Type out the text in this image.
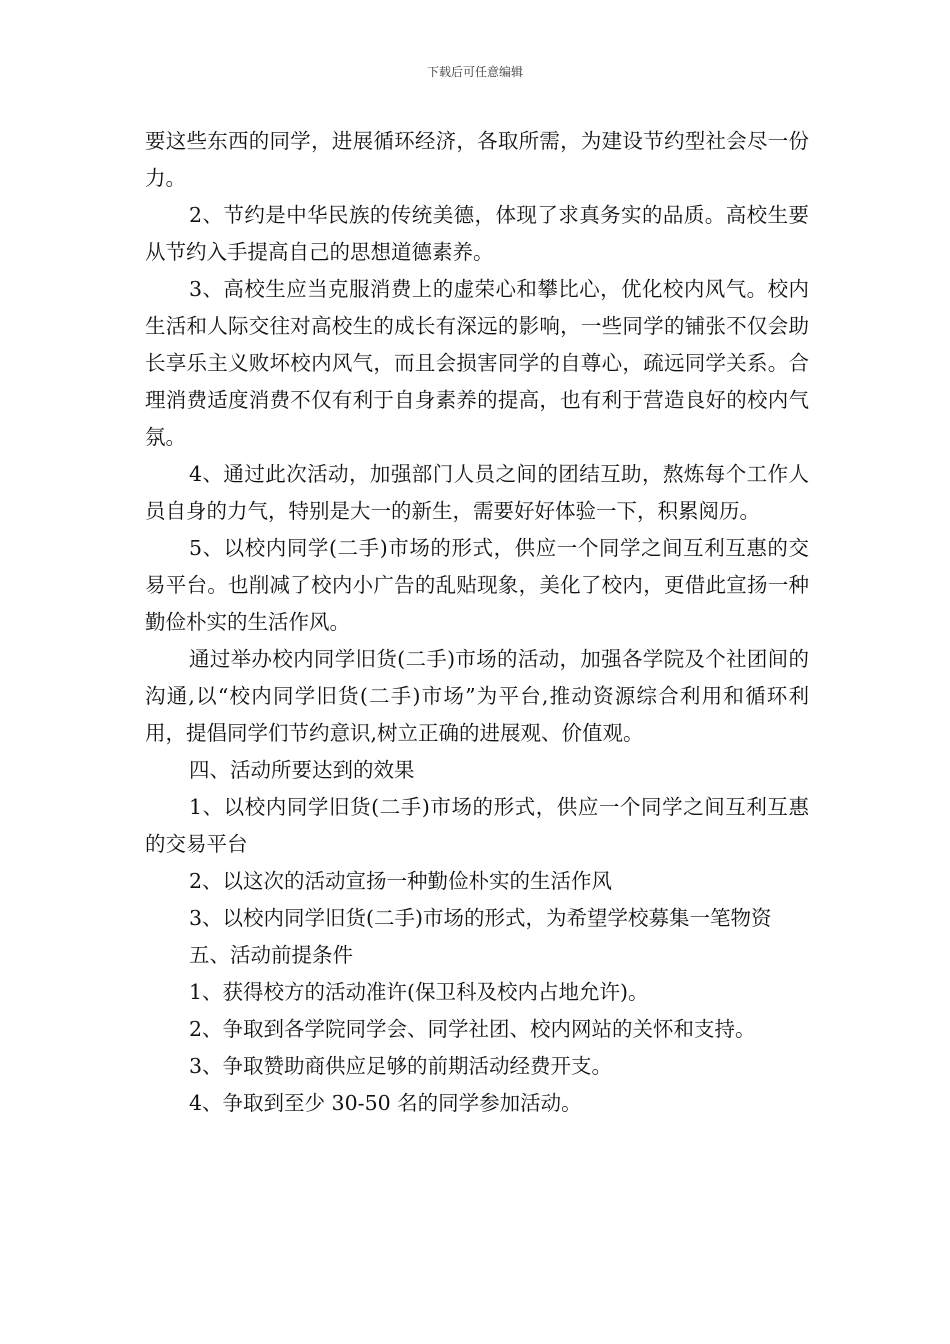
下载后可任意编辑

要这些东西的同学，进展循环经济，各取所需，为建设节约型社会尽一份力。

2、节约是中华民族的传统美德，体现了求真务实的品质。高校生要从节约入手提高自己的思想道德素养。

3、高校生应当克服消费上的虚荣心和攀比心，优化校内风气。校内生活和人际交往对高校生的成长有深远的影响，一些同学的铺张不仅会助长享乐主义败坏校内风气，而且会损害同学的自尊心，疏远同学关系。合理消费适度消费不仅有利于自身素养的提高，也有利于营造良好的校内气氛。

4、通过此次活动，加强部门人员之间的团结互助，熬炼每个工作人员自身的力气，特别是大一的新生，需要好好体验一下，积累阅历。

5、以校内同学(二手)市场的形式，供应一个同学之间互利互惠的交易平台。也削减了校内小广告的乱贴现象，美化了校内，更借此宣扬一种勤俭朴实的生活作风。

通过举办校内同学旧货(二手)市场的活动，加强各学院及个社团间的沟通,以“校内同学旧货(二手)市场”为平台,推动资源综合利用和循环利用，提倡同学们节约意识,树立正确的进展观、价值观。

四、活动所要达到的效果

1、以校内同学旧货(二手)市场的形式，供应一个同学之间互利互惠的交易平台

2、以这次的活动宣扬一种勤俭朴实的生活作风

3、以校内同学旧货(二手)市场的形式，为希望学校募集一笔物资

五、活动前提条件

1、获得校方的活动准许(保卫科及校内占地允许)。

2、争取到各学院同学会、同学社团、校内网站的关怀和支持。

3、争取赞助商供应足够的前期活动经费开支。

4、争取到至少 30-50 名的同学参加活动。
